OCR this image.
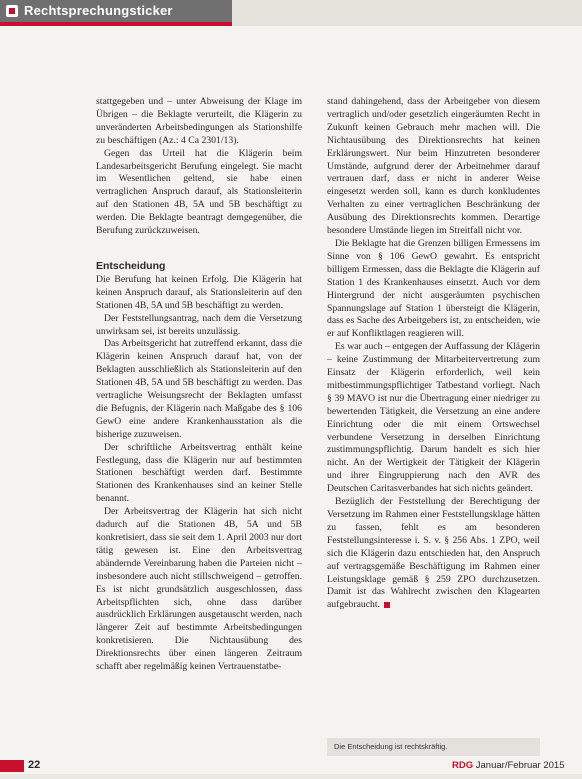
Rechtsprechungsticker

stattgegeben und – unter Abweisung der Klage im Übrigen – die Beklagte verurteilt, die Klägerin zu unveränderten Arbeitsbedingungen als Stationshilfe zu beschäftigen (Az.: 4 Ca 2301/13).

Gegen das Urteil hat die Klägerin beim Landesarbeitsgericht Berufung eingelegt. Sie macht im Wesentlichen geltend, sie habe einen vertraglichen Anspruch darauf, als Stationsleiterin auf den Stationen 4B, 5A und 5B beschäftigt zu werden. Die Beklagte beantragt demgegenüber, die Berufung zurückzuweisen.

Entscheidung

Die Berufung hat keinen Erfolg. Die Klägerin hat keinen Anspruch darauf, als Stationsleiterin auf den Stationen 4B, 5A und 5B beschäftigt zu werden.

Der Feststellungsantrag, nach dem die Versetzung unwirksam sei, ist bereits unzulässig.

Das Arbeitsgericht hat zutreffend erkannt, dass die Klägerin keinen Anspruch darauf hat, von der Beklagten ausschließlich als Stationsleiterin auf den Stationen 4B, 5A und 5B beschäftigt zu werden. Das vertragliche Weisungsrecht der Beklagten umfasst die Befugnis, der Klägerin nach Maßgabe des § 106 GewO eine andere Krankenhausstation als die bisherige zuzuweisen.

Der schriftliche Arbeitsvertrag enthält keine Festlegung, dass die Klägerin nur auf bestimmten Stationen beschäftigt werden darf. Bestimmte Stationen des Krankenhauses sind an keiner Stelle benannt.

Der Arbeitsvertrag der Klägerin hat sich nicht dadurch auf die Stationen 4B, 5A und 5B konkretisiert, dass sie seit dem 1. April 2003 nur dort tätig gewesen ist. Eine den Arbeitsvertrag abändernde Vereinbarung haben die Parteien nicht – insbesondere auch nicht stillschweigend – getroffen. Es ist nicht grundsätzlich ausgeschlossen, dass Arbeitspflichten sich, ohne dass darüber ausdrücklich Erklärungen ausgetauscht werden, nach längerer Zeit auf bestimmte Arbeitsbedingungen konkretisieren. Die Nichtausübung des Direktionsrechts über einen längeren Zeitraum schafft aber regelmäßig keinen Vertrauenstatbe-

stand dahingehend, dass der Arbeitgeber von diesem vertraglich und/oder gesetzlich eingeräumten Recht in Zukunft keinen Gebrauch mehr machen will. Die Nichtausübung des Direktionsrechts hat keinen Erklärungswert. Nur beim Hinzutreten besonderer Umstände, aufgrund derer der Arbeitnehmer darauf vertrauen darf, dass er nicht in anderer Weise eingesetzt werden soll, kann es durch konkludentes Verhalten zu einer vertraglichen Beschränkung der Ausübung des Direktionsrechts kommen. Derartige besondere Umstände liegen im Streitfall nicht vor.

Die Beklagte hat die Grenzen billigen Ermessens im Sinne von § 106 GewO gewahrt. Es entspricht billigem Ermessen, dass die Beklagte die Klägerin auf Station 1 des Krankenhauses einsetzt. Auch vor dem Hintergrund der nicht ausgeräumten psychischen Spannungslage auf Station 1 übersteigt die Klägerin, dass es Sache des Arbeitgebers ist, zu entscheiden, wie er auf Konfliktlagen reagieren will.

Es war auch – entgegen der Auffassung der Klägerin – keine Zustimmung der Mitarbeitervertretung zum Einsatz der Klägerin erforderlich, weil kein mitbestimmungspflichtiger Tatbestand vorliegt. Nach § 39 MAVO ist nur die Übertragung einer niedriger zu bewertenden Tätigkeit, die Versetzung an eine andere Einrichtung oder die mit einem Ortswechsel verbundene Versetzung in derselben Einrichtung zustimmungspflichtig. Darum handelt es sich hier nicht. An der Wertigkeit der Tätigkeit der Klägerin und ihrer Eingruppierung nach den AVR des Deutschen Caritasverbandes hat sich nichts geändert.

Bezüglich der Feststellung der Berechtigung der Versetzung im Rahmen einer Feststellungsklage hätten zu fassen, fehlt es am besonderen Feststellungsinteresse i. S. v. § 256 Abs. 1 ZPO, weil sich die Klägerin dazu entschieden hat, den Anspruch auf vertragsgemäße Beschäftigung im Rahmen einer Leistungsklage gemäß § 259 ZPO durchzusetzen. Damit ist das Wahlrecht zwischen den Klagearten aufgebraucht.

Die Entscheidung ist rechtskräftig.
22	RDG Januar/Februar 2015
